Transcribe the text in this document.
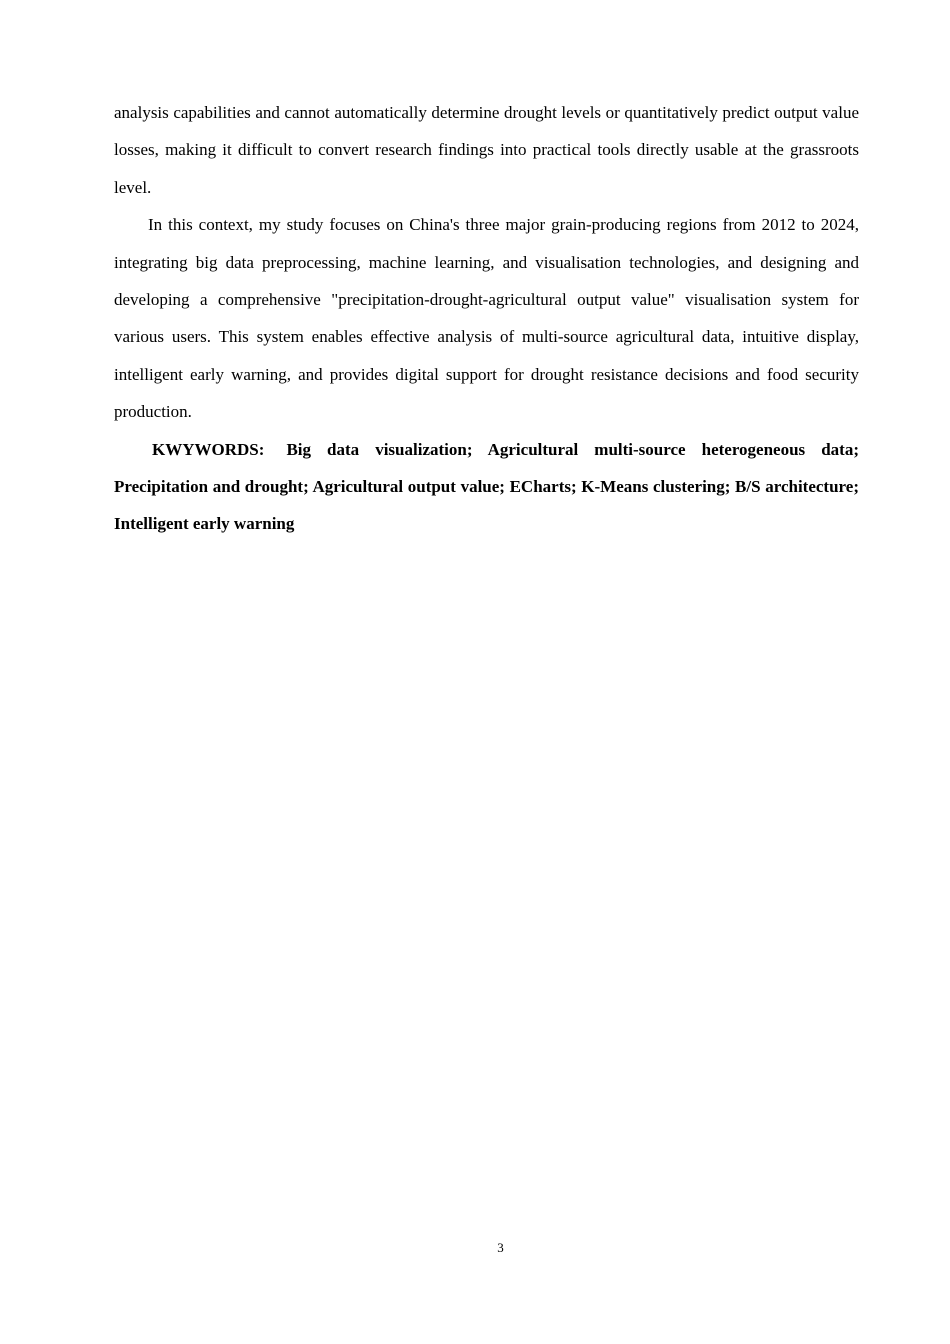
analysis capabilities and cannot automatically determine drought levels or quantitatively predict output value losses, making it difficult to convert research findings into practical tools directly usable at the grassroots level.

In this context, my study focuses on China's three major grain-producing regions from 2012 to 2024, integrating big data preprocessing, machine learning, and visualisation technologies, and designing and developing a comprehensive "precipitation-drought-agricultural output value" visualisation system for various users. This system enables effective analysis of multi-source agricultural data, intuitive display, intelligent early warning, and provides digital support for drought resistance decisions and food security production.

KWYWORDS: Big data visualization; Agricultural multi-source heterogeneous data; Precipitation and drought; Agricultural output value; ECharts; K-Means clustering; B/S architecture; Intelligent early warning

3
